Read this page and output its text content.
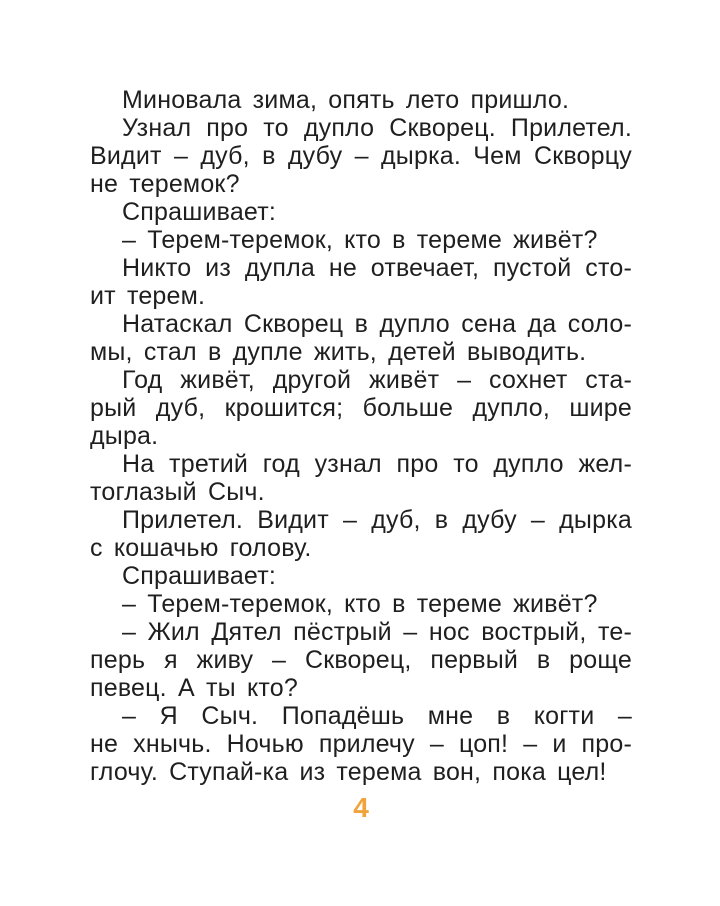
Миновала зима, опять лето пришло.
Узнал про то дупло Скворец. Прилетел.
Видит – дуб, в дубу – дырка. Чем Скворцу
не теремок?
Спрашивает:
– Терем-теремок, кто в тереме живёт?
Никто из дупла не отвечает, пустой сто-
ит терем.
Натаскал Скворец в дупло сена да соло-
мы, стал в дупле жить, детей выводить.
Год живёт, другой живёт – сохнет ста-
рый дуб, крошится; больше дупло, шире
дыра.
На третий год узнал про то дупло жел-
тоглазый Сыч.
Прилетел. Видит – дуб, в дубу – дырка
с кошачью голову.
Спрашивает:
– Терем-теремок, кто в тереме живёт?
– Жил Дятел пёстрый – нос вострый, те-
перь я живу – Скворец, первый в роще
певец. А ты кто?
– Я Сыч. Попадёшь мне в когти –
не хнычь. Ночью прилечу – цоп! – и про-
глочу. Ступай-ка из терема вон, пока цел!
4
